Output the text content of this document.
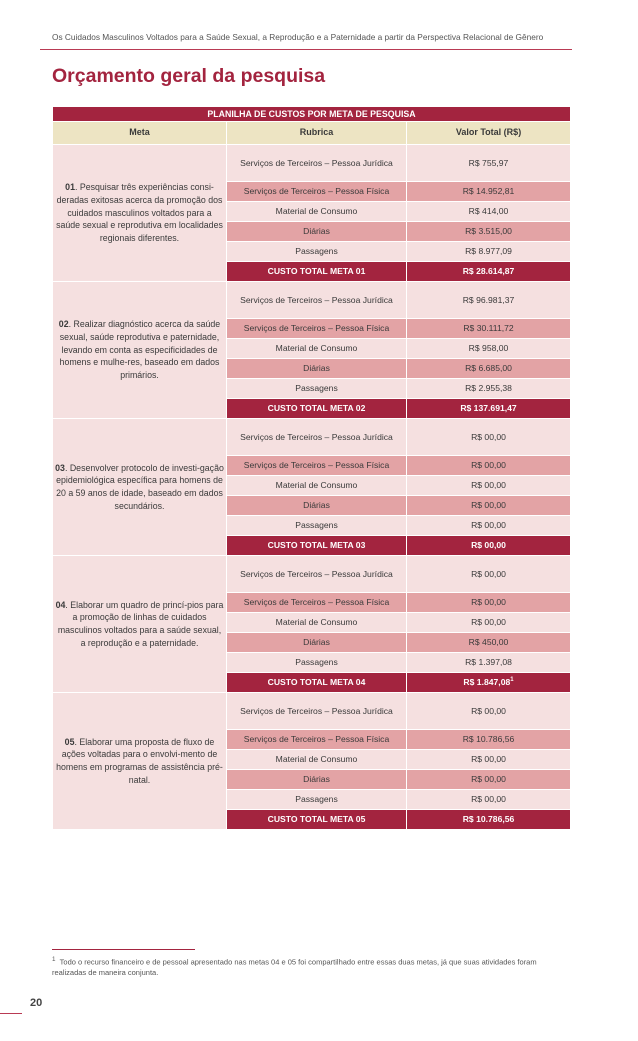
Os Cuidados Masculinos Voltados para a Saúde Sexual, a Reprodução e a Paternidade a partir da Perspectiva Relacional de Gênero
Orçamento geral da pesquisa
PLANILHA DE CUSTOS POR META DE PESQUISA		
Meta	Rubrica	Valor Total (R$)
01. Pesquisar três experiências consi-deradas exitosas acerca da promoção dos cuidados masculinos voltados para a saúde sexual e reprodutiva em localidades regionais diferentes.	Serviços de Terceiros – Pessoa Jurídica	R$ 755,97
	Serviços de Terceiros – Pessoa Física	R$ 14.952,81
	Material de Consumo	R$ 414,00
	Diárias	R$ 3.515,00
	Passagens	R$ 8.977,09
	CUSTO TOTAL META 01	R$ 28.614,87
02. Realizar diagnóstico acerca da saúde sexual, saúde reprodutiva e paternidade, levando em conta as especificidades de homens e mulhe-res, baseado em dados primários.	Serviços de Terceiros – Pessoa Jurídica	R$ 96.981,37
	Serviços de Terceiros – Pessoa Física	R$ 30.111,72
	Material de Consumo	R$ 958,00
	Diárias	R$ 6.685,00
	Passagens	R$ 2.955,38
	CUSTO TOTAL META 02	R$ 137.691,47
03. Desenvolver protocolo de investi-gação epidemiológica específica para homens de 20 a 59 anos de idade, baseado em dados secundários.	Serviços de Terceiros – Pessoa Jurídica	R$ 00,00
	Serviços de Terceiros – Pessoa Física	R$ 00,00
	Material de Consumo	R$ 00,00
	Diárias	R$ 00,00
	Passagens	R$ 00,00
	CUSTO TOTAL META 03	R$ 00,00
04. Elaborar um quadro de princí-pios para a promoção de linhas de cuidados masculinos voltados para a saúde sexual, a reprodução e a paternidade.	Serviços de Terceiros – Pessoa Jurídica	R$ 00,00
	Serviços de Terceiros – Pessoa Física	R$ 00,00
	Material de Consumo	R$ 00,00
	Diárias	R$ 450,00
	Passagens	R$ 1.397,08
	CUSTO TOTAL META 04	R$ 1.847,08$^1$
05. Elaborar uma proposta de fluxo de ações voltadas para o envolvi-mento de homens em programas de assistência pré-natal.	Serviços de Terceiros – Pessoa Jurídica	R$ 00,00
	Serviços de Terceiros – Pessoa Física	R$ 10.786,56
	Material de Consumo	R$ 00,00
	Diárias	R$ 00,00
	Passagens	R$ 00,00
	CUSTO TOTAL META 05	R$ 10.786,56
$^1$ Todo o recurso financeiro e de pessoal apresentado nas metas 04 e 05 foi compartilhado entre essas duas metas, já que suas atividades foram realizadas de maneira conjunta.
20
